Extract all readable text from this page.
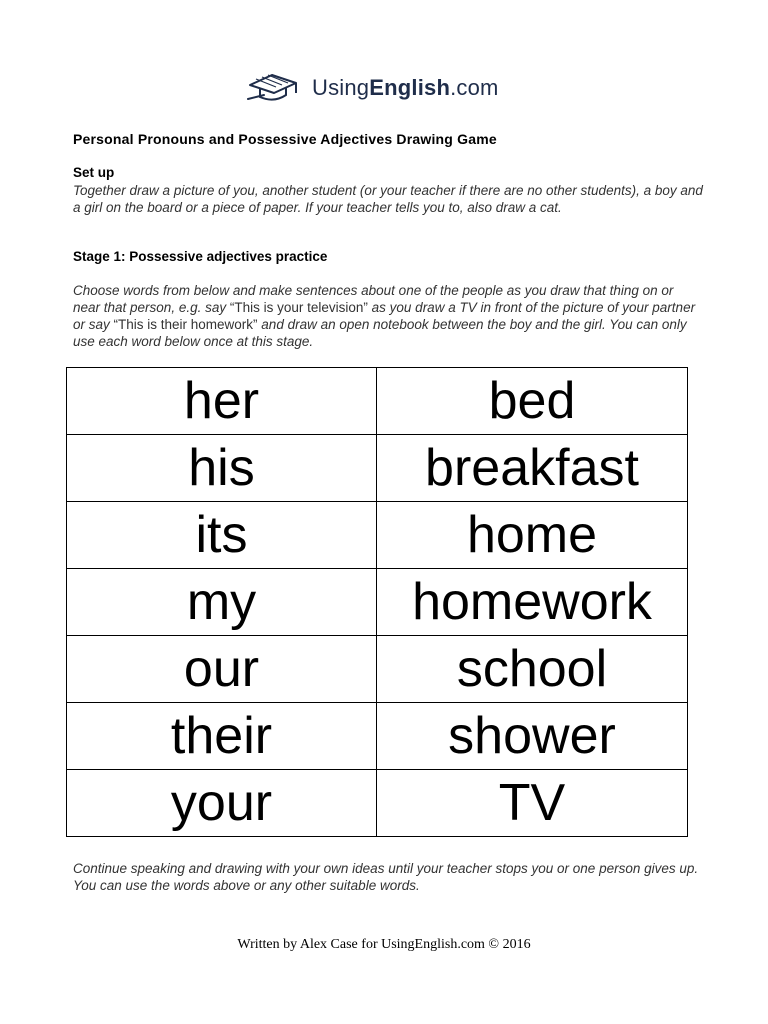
UsingEnglish.com
Personal Pronouns and Possessive Adjectives Drawing Game
Set up
Together draw a picture of you, another student (or your teacher if there are no other students), a boy and a girl on the board or a piece of paper. If your teacher tells you to, also draw a cat.
Stage 1: Possessive adjectives practice
Choose words from below and make sentences about one of the people as you draw that thing on or near that person, e.g. say “This is your television” as you draw a TV in front of the picture of your partner or say “This is their homework” and draw an open notebook between the boy and the girl. You can only use each word below once at this stage.
her	bed
his	breakfast
its	home
my	homework
our	school
their	shower
your	TV
Continue speaking and drawing with your own ideas until your teacher stops you or one person gives up. You can use the words above or any other suitable words.
Written by Alex Case for UsingEnglish.com © 2016
